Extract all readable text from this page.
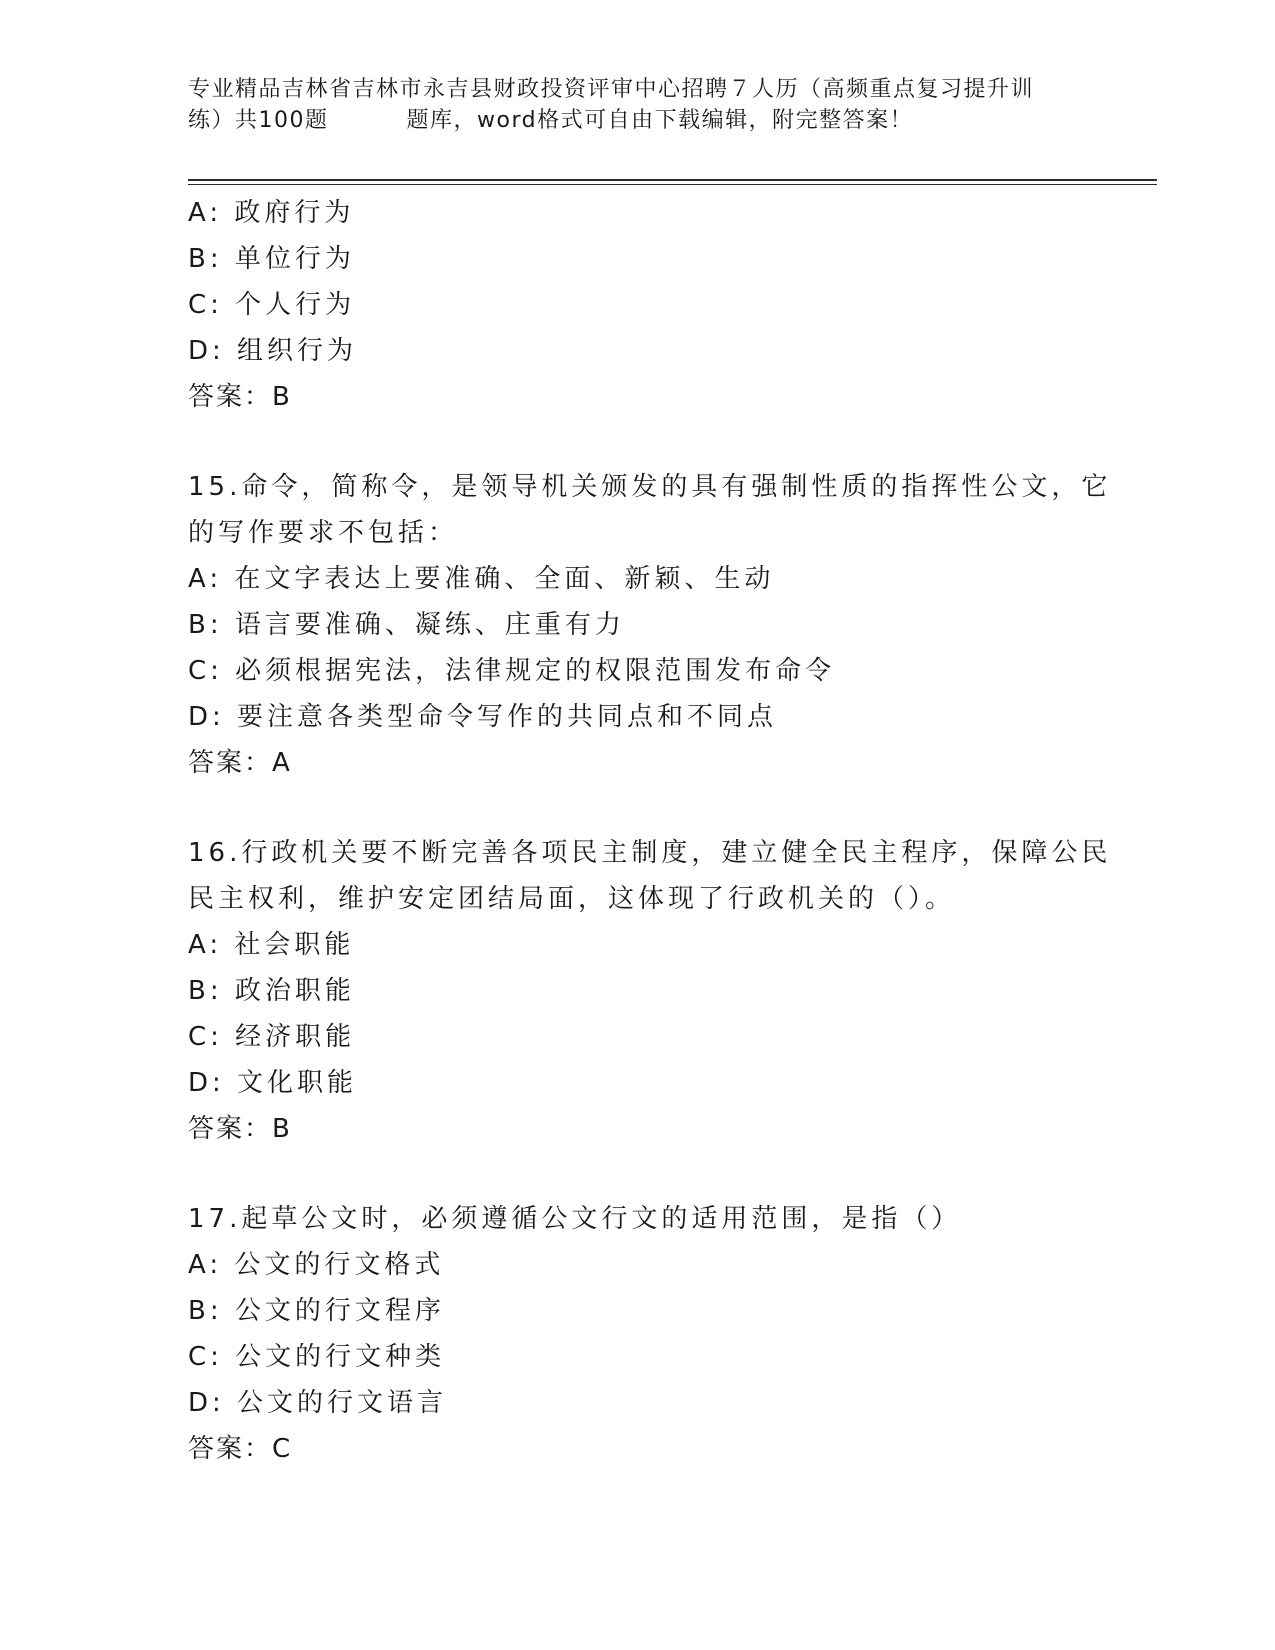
专业精品吉林省吉林市永吉县财政投资评审中心招聘７人历（高频重点复习提升训
练）共100题	题库，word格式可自由下载编辑，附完整答案！
A: 政府行为
B: 单位行为
C: 个人行为
D: 组织行为
答案：B
15.命令，简称令，是领导机关颁发的具有强制性质的指挥性公文，它
的写作要求不包括：
A: 在文字表达上要准确、全面、新颖、生动
B: 语言要准确、凝练、庄重有力
C: 必须根据宪法，法律规定的权限范围发布命令
D: 要注意各类型命令写作的共同点和不同点
答案：A
16.行政机关要不断完善各项民主制度，建立健全民主程序，保障公民
民主权利，维护安定团结局面，这体现了行政机关的（）。
A: 社会职能
B: 政治职能
C: 经济职能
D: 文化职能
答案：B
17.起草公文时，必须遵循公文行文的适用范围，是指（）
A: 公文的行文格式
B: 公文的行文程序
C: 公文的行文种类
D: 公文的行文语言
答案：C
